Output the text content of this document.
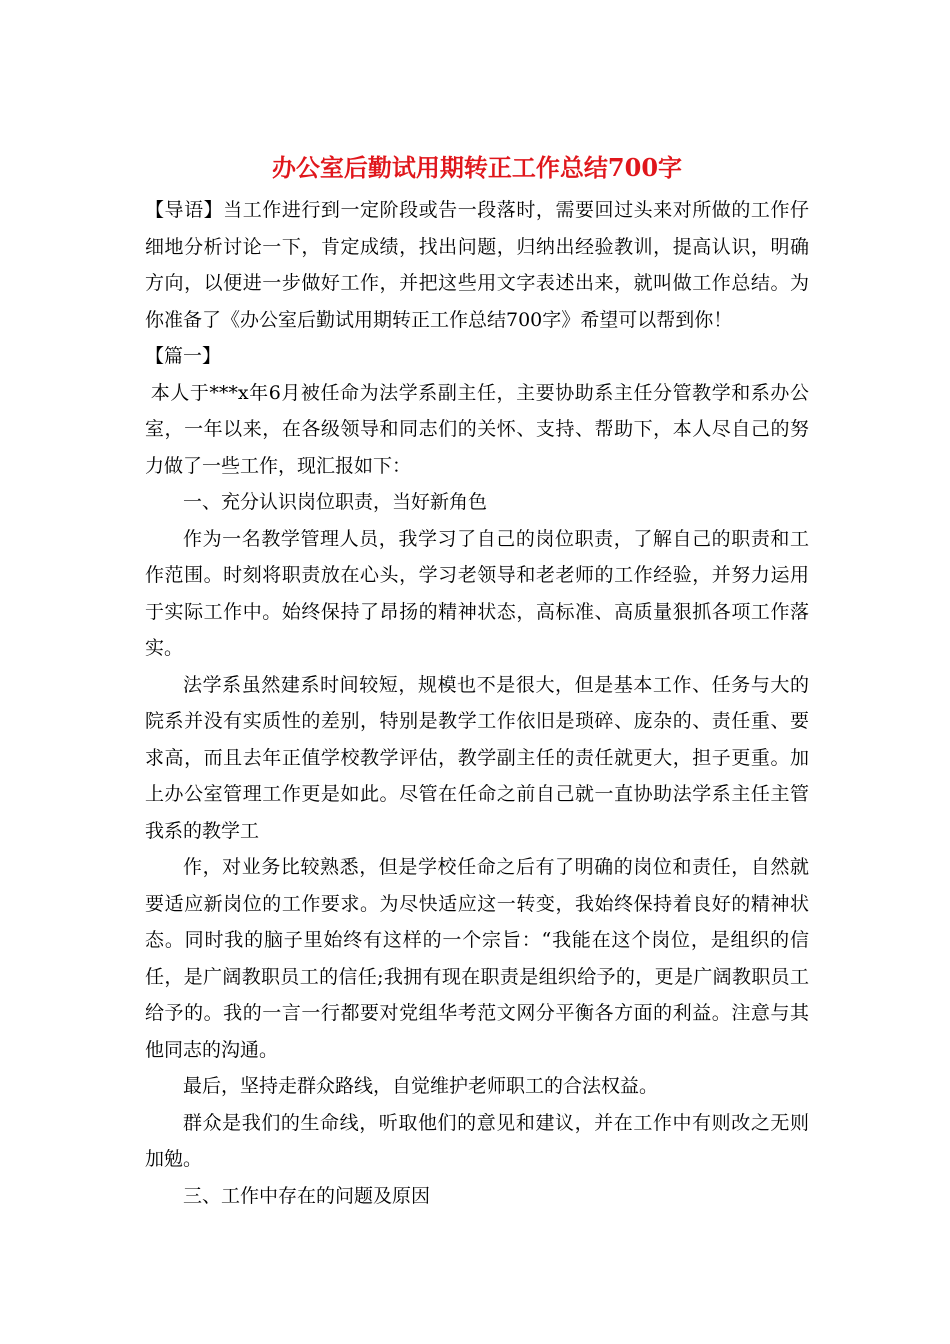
办公室后勤试用期转正工作总结700字

【导语】当工作进行到一定阶段或告一段落时，需要回过头来对所做的工作仔细地分析讨论一下，肯定成绩，找出问题，归纳出经验教训，提高认识，明确方向，以便进一步做好工作，并把这些用文字表述出来，就叫做工作总结。为你准备了《办公室后勤试用期转正工作总结700字》希望可以帮到你！

【篇一】

本人于***x年6月被任命为法学系副主任，主要协助系主任分管教学和系办公室，一年以来，在各级领导和同志们的关怀、支持、帮助下，本人尽自己的努力做了一些工作，现汇报如下：

一、充分认识岗位职责，当好新角色

作为一名教学管理人员，我学习了自己的岗位职责，了解自己的职责和工作范围。时刻将职责放在心头，学习老领导和老老师的工作经验，并努力运用于实际工作中。始终保持了昂扬的精神状态，高标准、高质量狠抓各项工作落实。

法学系虽然建系时间较短，规模也不是很大，但是基本工作、任务与大的院系并没有实质性的差别，特别是教学工作依旧是琐碎、庞杂的、责任重、要求高，而且去年正值学校教学评估，教学副主任的责任就更大，担子更重。加上办公室管理工作更是如此。尽管在任命之前自己就一直协助法学系主任主管我系的教学工

作，对业务比较熟悉，但是学校任命之后有了明确的岗位和责任，自然就要适应新岗位的工作要求。为尽快适应这一转变，我始终保持着良好的精神状态。同时我的脑子里始终有这样的一个宗旨：“我能在这个岗位，是组织的信任，是广阔教职员工的信任;我拥有现在职责是组织给予的，更是广阔教职员工给予的。我的一言一行都要对党组华考范文网分平衡各方面的利益。注意与其他同志的沟通。

最后，坚持走群众路线，自觉维护老师职工的合法权益。

群众是我们的生命线，听取他们的意见和建议，并在工作中有则改之无则加勉。

三、工作中存在的问题及原因
